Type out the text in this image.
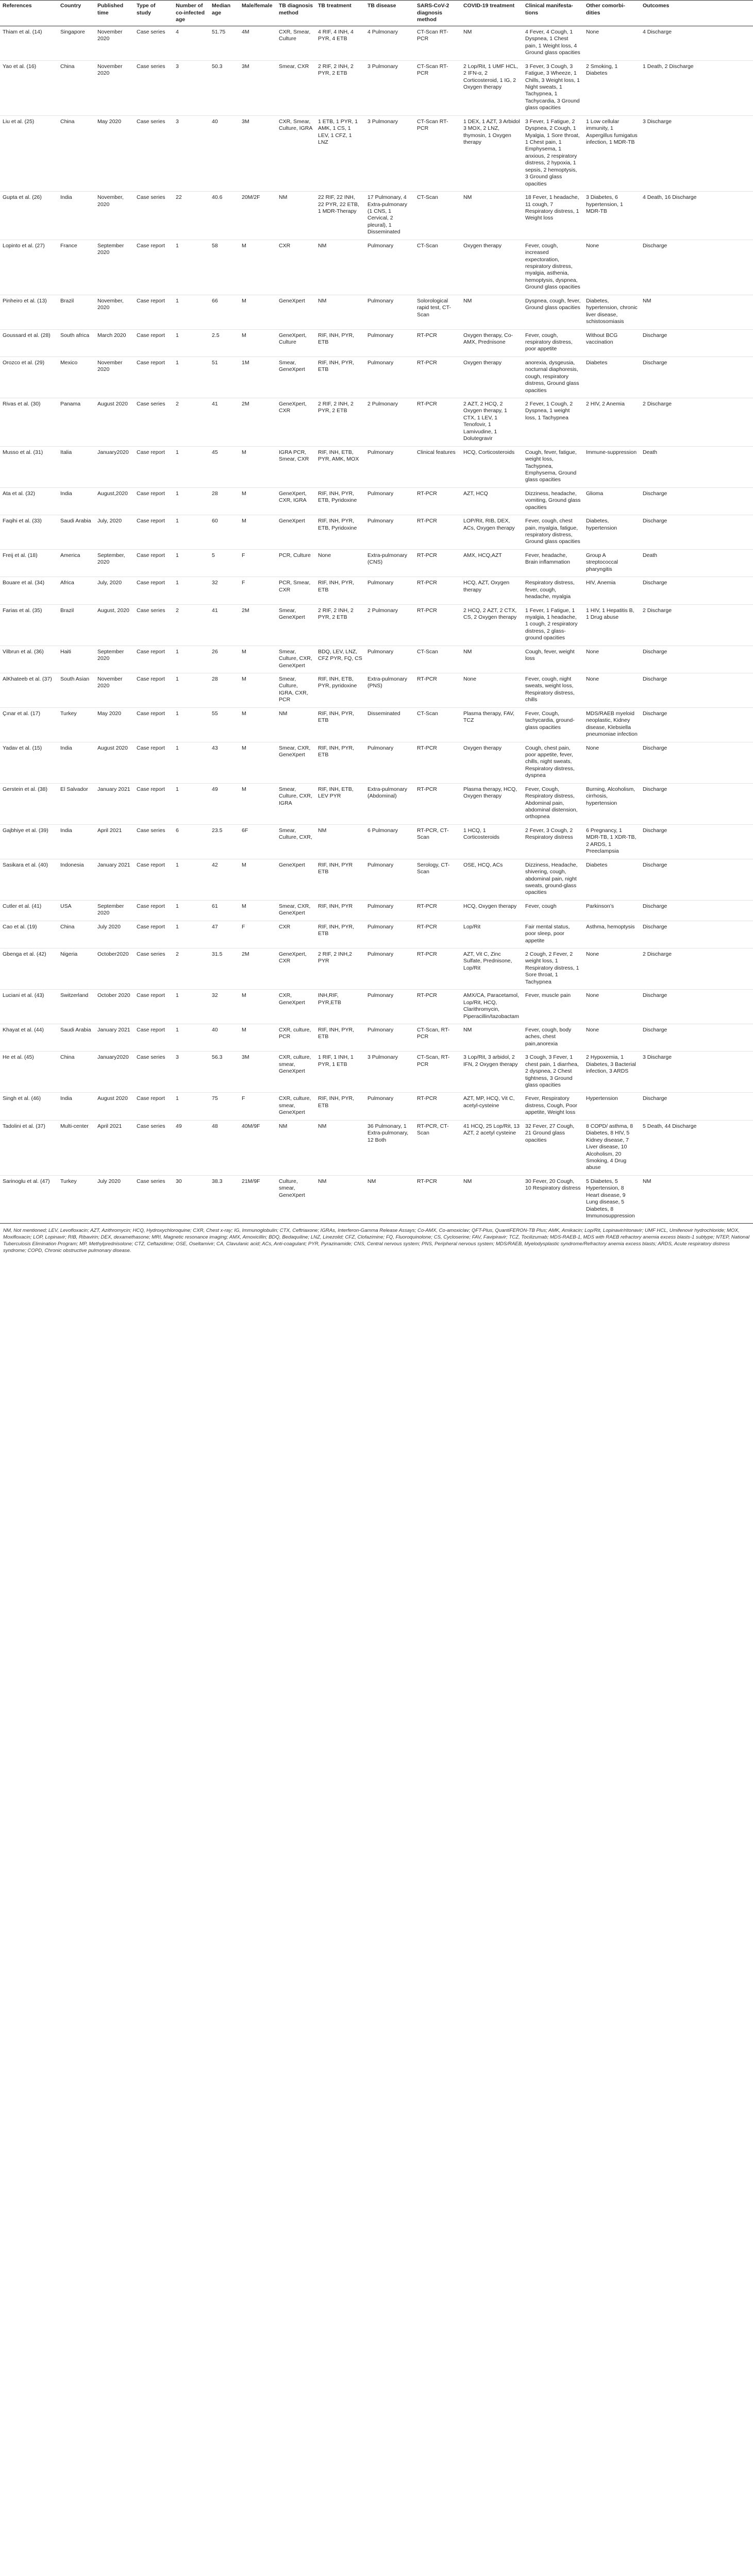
References	Country	Published time	Type of study	Number of co-infected age	Median age	Male/female	TB diagnosis method	TB treatment	TB disease	SARS-CoV-2 diagnosis method	COVID-19 treatment	Clinical manifesta-tions	Other comorbi-dities	Outcomes
Thiam et al. (14)	Singapore	November 2020	Case series	4	51.75	4M	CXR, Smear, Culture	4 RIF, 4 INH, 4 PYR, 4 ETB	4 Pulmonary	CT-Scan RT-PCR	NM	4 Fever, 4 Cough, 1 Dyspnea, 1 Chest pain, 1 Weight loss, 4 Ground glass opacities	None	4 Discharge
Yao et al. (16)	China	November 2020	Case series	3	50.3	3M	Smear, CXR	2 RIF, 2 INH, 2 PYR, 2 ETB	3 Pulmonary	CT-Scan RT-PCR	2 Lop/Rit, 1 UMF HCL, 2 IFN-α, 2 Corticosteroid, 1 IG, 2 Oxygen therapy	3 Fever, 3 Cough, 3 Fatigue, 3 Wheeze, 1 Chills, 3 Weight loss, 1 Night sweats, 1 Tachypnea, 1 Tachycardia, 3 Ground glass opacities	2 Smoking, 1 Diabetes	1 Death, 2 Discharge
Liu et al. (25)	China	May 2020	Case series	3	40	3M	CXR, Smear, Culture, IGRA	1 ETB, 1 PYR, 1 AMK, 1 CS, 1 LEV, 1 CFZ, 1 LNZ	3 Pulmonary	CT-Scan RT-PCR	1 DEX, 1 AZT, 3 Arbidol 3 MOX, 2 LNZ, thymosin, 1 Oxygen therapy	3 Fever, 1 Fatigue, 2 Dyspnea, 2 Cough, 1 Myalgia, 1 Sore throat, 1 Chest pain, 1 Emphysema, 1 anxious, 2 respiratory distress, 2 hypoxia, 1 sepsis, 2 hemoptysis, 3 Ground glass opacities	1 Low cellular immunity, 1 Aspergillus fumigatus infection, 1 MDR-TB	3 Discharge
Gupta et al. (26)	India	November, 2020	Case series	22	40.6	20M/2F	NM	22 RIF, 22 INH, 22 PYR, 22 ETB, 1 MDR-Therapy	17 Pulmonary, 4 Extra-pulmonary (1 CNS, 1 Cervical, 2 pleural), 1 Disseminated	CT-Scan	NM	18 Fever, 1 headache, 11 cough, 7 Respiratory distress, 1 Weight loss	3 Diabetes, 6 hypertension, 1 MDR-TB	4 Death, 16 Discharge
Lopinto et al. (27)	France	September 2020	Case report	1	58	M	CXR	NM	Pulmonary	CT-Scan	Oxygen therapy	Fever, cough, increased expectoration, respiratory distress, myalgia, asthenia, hemoptysis, dyspnea, Ground glass opacities	None	Discharge
Pinheiro et al. (13)	Brazil	November, 2020	Case report	1	66	M	GeneXpert	NM	Pulmonary	Solorological rapid test, CT-Scan	NM	Dyspnea, cough, fever, Ground glass opacities	Diabetes, hypertension, chronic liver disease, schistosomiasis	NM
Goussard et al. (28)	South africa	March 2020	Case report	1	2.5	M	GeneXpert, Culture	RIF, INH, PYR, ETB	Pulmonary	RT-PCR	Oxygen therapy, Co-AMX, Prednisone	Fever, cough, respiratory distress, poor appetite	Without BCG vaccination	Discharge
Orozco et al. (29)	Mexico	November 2020	Case report	1	51	1M	Smear, GeneXpert	RIF, INH, PYR, ETB	Pulmonary	RT-PCR	Oxygen therapy	anorexia, dysgeusia, nocturnal diaphoresis, cough, respiratory distress, Ground glass opacities	Diabetes	Discharge
Rivas et al. (30)	Panama	August 2020	Case series	2	41	2M	GeneXpert, CXR	2 RIF, 2 INH, 2 PYR, 2 ETB	2 Pulmonary	RT-PCR	2 AZT, 2 HCQ, 2 Oxygen therapy, 1 CTX, 1 LEV, 1 Tenofovir, 1 Lamivudine, 1 Dolutegravir	2 Fever, 1 Cough, 2 Dyspnea, 1 weight loss, 1 Tachypnea	2 HIV, 2 Anemia	2 Discharge
Musso et al. (31)	Italia	January2020	Case report	1	45	M	IGRA PCR, Smear, CXR	RIF, INH, ETB, PYR, AMK, MOX	Pulmonary	Clinical features	HCQ, Corticosteroids	Cough, fever, fatigue, weight loss, Tachypnea, Emphysema, Ground glass opacities	Immune-suppression	Death
Ata et al. (32)	India	August,2020	Case report	1	28	M	GeneXpert, CXR, IGRA	RIF, INH, PYR, ETB, Pyridoxine	Pulmonary	RT-PCR	AZT, HCQ	Dizziness, headache, vomiting, Ground glass opacities	Glioma	Discharge
Faqihi et al. (33)	Saudi Arabia	July, 2020	Case report	1	60	M	GeneXpert	RIF, INH, PYR, ETB, Pyridoxine	Pulmonary	RT-PCR	LOP/Rit, RIB, DEX, ACs, Oxygen therapy	Fever, cough, chest pain, myalgia, fatigue, respiratory distress, Ground glass opacities	Diabetes, hypertension	Discharge
Freij et al. (18)	America	September, 2020	Case report	1	5	F	PCR, Culture	None	Extra-pulmonary (CNS)	RT-PCR	AMX, HCQ,AZT	Fever, headache, Brain inflammation	Group A streptococcal pharyngitis	Death
Bouare et al. (34)	Africa	July, 2020	Case report	1	32	F	PCR, Smear, CXR	RIF, INH, PYR, ETB	Pulmonary	RT-PCR	HCQ, AZT, Oxygen therapy	Respiratory distress, fever, cough, headache, myalgia	HIV, Anemia	Discharge
Farias et al. (35)	Brazil	August, 2020	Case series	2	41	2M	Smear, GeneXpert	2 RIF, 2 INH, 2 PYR, 2 ETB	2 Pulmonary	RT-PCR	2 HCQ, 2 AZT, 2 CTX, CS, 2 Oxygen therapy	1 Fever, 1 Fatigue, 1 myalgia, 1 headache, 1 cough, 2 respiratory distress, 2 glass-ground opacities	1 HIV, 1 Hepatitis B, 1 Drug abuse	2 Discharge
Vilbrun et al. (36)	Haiti	September 2020	Case report	1	26	M	Smear, Culture, CXR, GeneXpert	BDQ, LEV, LNZ, CFZ PYR, FQ, CS	Pulmonary	CT-Scan	NM	Cough, fever, weight loss	None	Discharge
AlKhateeb et al. (37)	South Asian	November 2020	Case report	1	28	M	Smear, Culture, IGRA, CXR, PCR	RIF, INH, ETB, PYR, pyridoxine	Extra-pulmonary (PNS)	RT-PCR	None	Fever, cough, night sweats, weight loss, Respiratory distress, chills	None	Discharge
Çınar et al. (17)	Turkey	May 2020	Case report	1	55	M	NM	RIF, INH, PYR, ETB	Disseminated	CT-Scan	Plasma therapy, FAV, TCZ	Fever, Cough, tachycardia, ground-glass opacities	MDS/RAEB myeloid neoplastic, Kidney disease, Klebsiella pneumoniae infection	Discharge
Yadav et al. (15)	India	August 2020	Case report	1	43	M	Smear, CXR, GeneXpert	RIF, INH, PYR, ETB	Pulmonary	RT-PCR	Oxygen therapy	Cough, chest pain, poor appetite, fever, chills, night sweats, Respiratory distress, dyspnea	None	Discharge
Gerstein et al. (38)	El Salvador	January 2021	Case report	1	49	M	Smear, Culture, CXR, IGRA	RIF, INH, ETB, LEV PYR	Extra-pulmonary (Abdominal)	RT-PCR	Plasma therapy, HCQ, Oxygen therapy	Fever, Cough, Respiratory distress, Abdominal pain, abdominal distension, orthopnea	Burning, Alcoholism, cirrhosis, hypertension	Discharge
Gajbhiye et al. (39)	India	April 2021	Case series	6	23.5	6F	Smear, Culture, CXR,	NM	6 Pulmonary	RT-PCR, CT-Scan	1 HCQ, 1 Corticosteroids	2 Fever, 3 Cough, 2 Respiratory distress	6 Pregnancy, 1 MDR-TB, 1 XDR-TB, 2 ARDS, 1 Preeclampsia	Discharge
Sasikara et al. (40)	Indonesia	January 2021	Case report	1	42	M	GeneXpert	RIF, INH, PYR ETB	Pulmonary	Serology, CT-Scan	OSE, HCQ, ACs	Dizziness, Headache, shivering, cough, abdominal pain, night sweats, ground-glass opacities	Diabetes	Discharge
Cutler et al. (41)	USA	September 2020	Case report	1	61	M	Smear, CXR, GeneXpert	RIF, INH, PYR	Pulmonary	RT-PCR	HCQ, Oxygen therapy	Fever, cough	Parkinson’s	Discharge
Cao et al. (19)	China	July 2020	Case report	1	47	F	CXR	RIF, INH, PYR, ETB	Pulmonary	RT-PCR	Lop/Rit	Fair mental status, poor sleep, poor appetite	Asthma, hemoptysis	Discharge
Gbenga et al. (42)	Nigeria	October2020	Case series	2	31.5	2M	GeneXpert, CXR	2 RIF, 2 INH,2 PYR	Pulmonary	RT-PCR	AZT, Vit C, Zinc Sulfate, Prednisone, Lop/Rit	2 Cough, 2 Fever, 2 weight loss, 1 Respiratory distress, 1 Sore throat, 1 Tachypnea	None	2 Discharge
Luciani et al. (43)	Switzerland	October 2020	Case report	1	32	M	CXR, GeneXpert	INH,RIF, PYR,ETB	Pulmonary	RT-PCR	AMX/CA, Paracetamol, Lop/Rit, HCQ, Clarithromycin, Piperacillin/tazobactam	Fever, muscle pain	None	Discharge
Khayat et al. (44)	Saudi Arabia	January 2021	Case report	1	40	M	CXR, culture, PCR	RIF, INH, PYR, ETB	Pulmonary	CT-Scan, RT-PCR	NM	Fever, cough, body aches, chest pain,anorexia	None	Discharge
He et al. (45)	China	January2020	Case series	3	56.3	3M	CXR, culture, smear, GeneXpert	1 RIF, 1 INH, 1 PYR, 1 ETB	3 Pulmonary	CT-Scan, RT-PCR	3 Lop/Rit, 3 arbidol, 2 IFN, 2 Oxygen therapy	3 Cough, 3 Fever, 1 chest pain, 1 diarrhea, 2 dyspnea, 2 Chest tightness, 3 Ground glass opacities	2 Hypoxemia, 1 Diabetes, 3 Bacterial infection, 3 ARDS	3 Discharge
Singh et al. (46)	India	August 2020	Case report	1	75	F	CXR, culture, smear, GeneXpert	RIF, INH, PYR, ETB	Pulmonary	RT-PCR	AZT, MP, HCQ, Vit C, acetyl-cysteine	Fever, Respiratory distress, Cough, Poor appetite, Weight loss	Hypertension	Discharge
Tadolini et al. (37)	Multi-center	April 2021	Case series	49	48	40M/9F	NM	NM	36 Pulmonary, 1 Extra-pulmonary, 12 Both	RT-PCR, CT-Scan	41 HCQ, 25 Lop/Rit, 13 AZT, 2 acetyl cysteine	32 Fever, 27 Cough, 21 Ground glass opacities	8 COPD/ asthma, 8 Diabetes, 8 HIV, 5 Kidney disease, 7 Liver disease, 10 Alcoholism, 20 Smoking, 4 Drug abuse	5 Death, 44 Discharge
Sarinoglu et al. (47)	Turkey	July 2020	Case series	30	38.3	21M/9F	Culture, smear, GeneXpert	NM	NM	RT-PCR	NM	30 Fever, 20 Cough, 10 Respiratory distress	5 Diabetes, 5 Hypertension, 8 Heart disease, 9 Lung disease, 5 Diabetes, 8 Immunosuppression	NM
NM, Not mentioned; LEV, Levofloxacin; AZT, Azithromycin; HCQ, Hydroxychloroquine; CXR, Chest x-ray; IG, Immunoglobulin; CTX, Ceftriaxone; IGRAs, Interferon-Gamma Release Assays; Co-AMX, Co-amoxiclav; QFT-Plus, QuantiFERON-TB Plus; AMK, Amikacin; Lop/Rit, Lopinavir/ritonavir; UMF HCL, Umifenovir hydrochloride; MOX, Moxifloxacin; LOP, Lopinavir; RIB, Ribavirin; DEX, dexamethasone; MRI, Magnetic resonance imaging; AMX, Amoxicillin; BDQ, Bedaquiline; LNZ, Linezolid; CFZ, Clofazimine; FQ, Fluoroquinolone; CS, Cycloserine; FAV, Favipiravir; TCZ, Tocilizumab; MDS-RAEB-1, MDS with RAEB refractory anemia excess blasts-1 subtype; NTEP, National Tuberculosis Elimination Program; MP, Methylprednisolone; CTZ, Ceftazidime; OSE, Oseltamivir; CA, Clavulanic acid; ACs, Anti-coagulant; PYR, Pyrazinamide; CNS, Central nervous system; PNS, Peripheral nervous system; MDS/RAEB, Myelodysplastic syndrome/Refractory anemia excess blasts; ARDS, Acute respiratory distress syndrome; COPD, Chronic obstructive pulmonary disease.
